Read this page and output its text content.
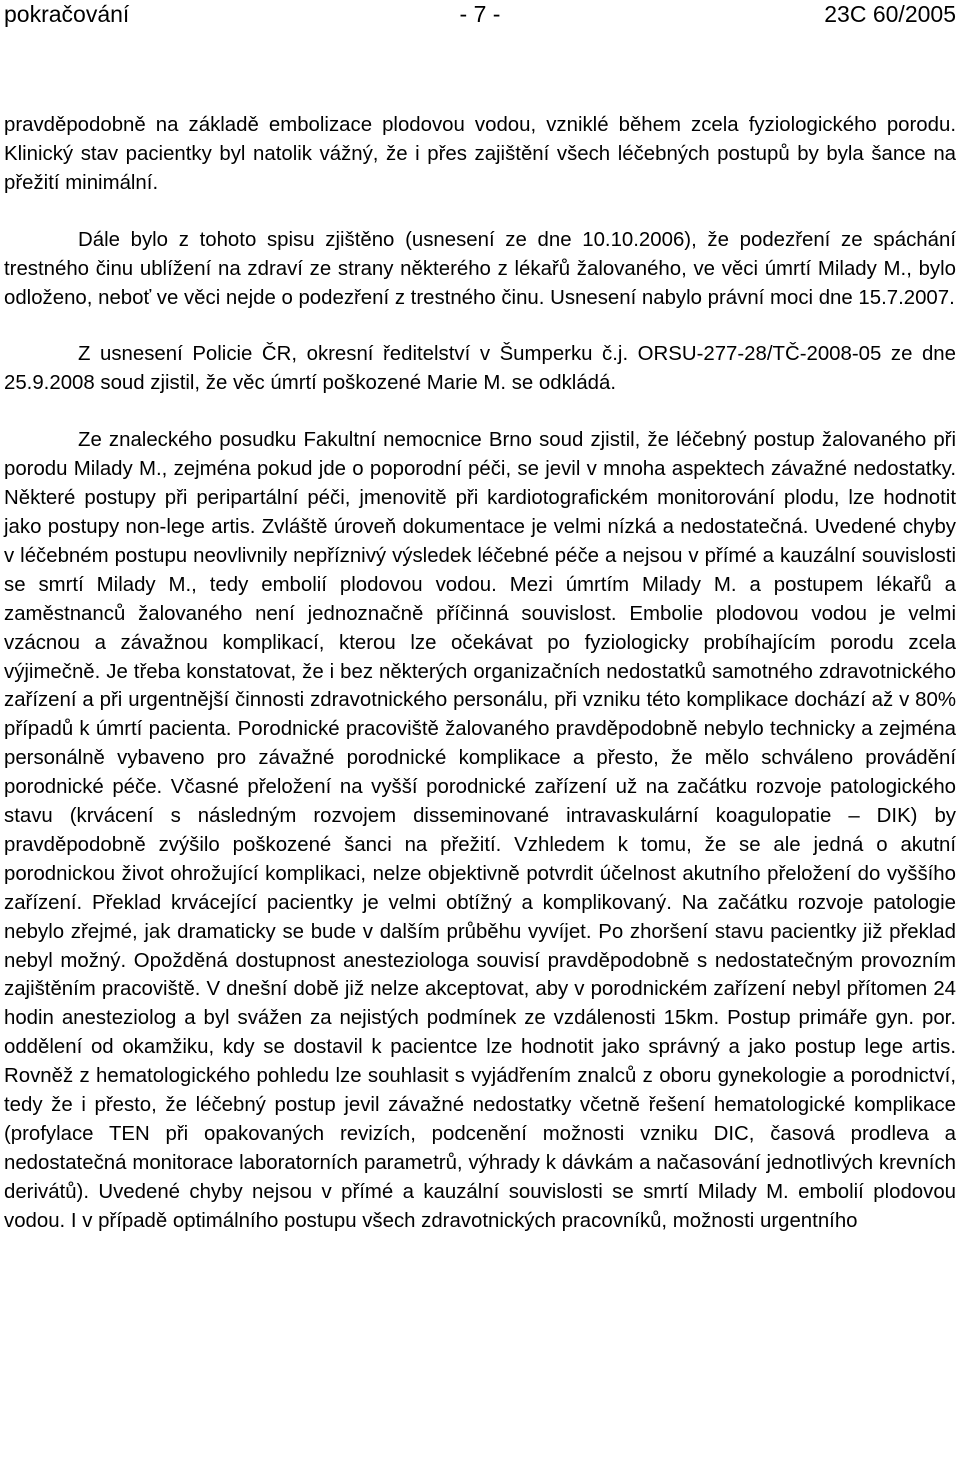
pokračování	- 7 -	23C 60/2005

pravděpodobně na základě embolizace plodovou vodou, vzniklé během zcela fyziologického porodu. Klinický stav pacientky byl natolik vážný, že i přes zajištění všech léčebných postupů by byla šance na přežití minimální.

Dále bylo z tohoto spisu zjištěno (usnesení ze dne 10.10.2006), že podezření ze spáchání trestného činu ublížení na zdraví ze strany některého z lékařů žalovaného, ve věci úmrtí Milady M., bylo odloženo, neboť ve věci nejde o podezření z trestného činu. Usnesení nabylo právní moci dne 15.7.2007.

Z usnesení Policie ČR, okresní ředitelství v Šumperku č.j. ORSU-277-28/TČ-2008-05 ze dne 25.9.2008 soud zjistil, že věc úmrtí poškozené Marie M. se odkládá.

Ze znaleckého posudku Fakultní nemocnice Brno soud zjistil, že léčebný postup žalovaného při porodu Milady M., zejména pokud jde o poporodní péči, se jevil v mnoha aspektech závažné nedostatky. Některé postupy při peripartální péči, jmenovitě při kardiotografickém monitorování plodu, lze hodnotit jako postupy non-lege artis. Zvláště úroveň dokumentace je velmi nízká a nedostatečná. Uvedené chyby v léčebném postupu neovlivnily nepříznivý výsledek léčebné péče a nejsou v přímé a kauzální souvislosti se smrtí Milady M., tedy embolií plodovou vodou. Mezi úmrtím Milady M. a postupem lékařů a zaměstnanců žalovaného není jednoznačně příčinná souvislost. Embolie plodovou vodou je velmi vzácnou a závažnou komplikací, kterou lze očekávat po fyziologicky probíhajícím porodu zcela výjimečně. Je třeba konstatovat, že i bez některých organizačních nedostatků samotného zdravotnického zařízení a při urgentnější činnosti zdravotnického personálu, při vzniku této komplikace dochází až v 80% případů k úmrtí pacienta. Porodnické pracoviště žalovaného pravděpodobně nebylo technicky a zejména personálně vybaveno pro závažné porodnické komplikace a přesto, že mělo schváleno provádění porodnické péče. Včasné přeložení na vyšší porodnické zařízení už na začátku rozvoje patologického stavu (krvácení s následným rozvojem disseminované intravaskulární koagulopatie – DIK) by pravděpodobně zvýšilo poškozené šanci na přežití. Vzhledem k tomu, že se ale jedná o akutní porodnickou život ohrožující komplikaci, nelze objektivně potvrdit účelnost akutního přeložení do vyššího zařízení. Překlad krvácející pacientky je velmi obtížný a komplikovaný. Na začátku rozvoje patologie nebylo zřejmé, jak dramaticky se bude v dalším průběhu vyvíjet. Po zhoršení stavu pacientky již překlad nebyl možný. Opožděná dostupnost anesteziologa souvisí pravděpodobně s nedostatečným provozním zajištěním pracoviště. V dnešní době již nelze akceptovat, aby v porodnickém zařízení nebyl přítomen 24 hodin anesteziolog a byl svážen za nejistých podmínek ze vzdálenosti 15km. Postup primáře gyn. por. oddělení od okamžiku, kdy se dostavil k pacientce lze hodnotit jako správný a jako postup lege artis. Rovněž z hematologického pohledu lze souhlasit s vyjádřením znalců z oboru gynekologie a porodnictví, tedy že i přesto, že léčebný postup jevil závažné nedostatky včetně řešení hematologické komplikace (profylace TEN při opakovaných revizích, podcenění možnosti vzniku DIC, časová prodleva a nedostatečná monitorace laboratorních parametrů, výhrady k dávkám a načasování jednotlivých krevních derivátů). Uvedené chyby nejsou v přímé a kauzální souvislosti se smrtí Milady M. embolií plodovou vodou. I v případě optimálního postupu všech zdravotnických pracovníků, možnosti urgentního
